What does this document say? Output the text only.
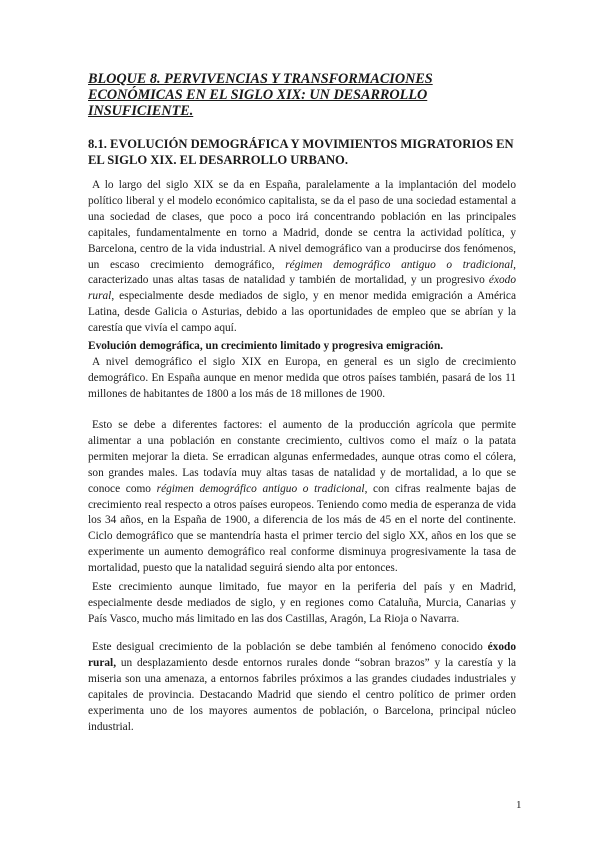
BLOQUE 8. PERVIVENCIAS Y TRANSFORMACIONES ECONÓMICAS EN EL SIGLO XIX: UN DESARROLLO INSUFICIENTE.
8.1. EVOLUCIÓN DEMOGRÁFICA Y MOVIMIENTOS MIGRATORIOS EN EL SIGLO XIX. EL DESARROLLO URBANO.

A lo largo del siglo XIX se da en España, paralelamente a la implantación del modelo político liberal y el modelo económico capitalista, se da el paso de una sociedad estamental a una sociedad de clases, que poco a poco irá concentrando población en las principales capitales, fundamentalmente en torno a Madrid, donde se centra la actividad política, y Barcelona, centro de la vida industrial. A nivel demográfico van a producirse dos fenómenos, un escaso crecimiento demográfico, régimen demográfico antiguo o tradicional, caracterizado unas altas tasas de natalidad y también de mortalidad, y un progresivo éxodo rural, especialmente desde mediados de siglo, y en menor medida emigración a América Latina, desde Galicia o Asturias, debido a las oportunidades de empleo que se abrían y la carestía que vivía el campo aquí.

Evolución demográfica, un crecimiento limitado y progresiva emigración.
A nivel demográfico el siglo XIX en Europa, en general es un siglo de crecimiento demográfico. En España aunque en menor medida que otros países también, pasará de los 11 millones de habitantes de 1800 a los más de 18 millones de 1900.

Esto se debe a diferentes factores: el aumento de la producción agrícola que permite alimentar a una población en constante crecimiento, cultivos como el maíz o la patata permiten mejorar la dieta. Se erradican algunas enfermedades, aunque otras como el cólera, son grandes males. Las todavía muy altas tasas de natalidad y de mortalidad, a lo que se conoce como régimen demográfico antiguo o tradicional, con cifras realmente bajas de crecimiento real respecto a otros países europeos. Teniendo como media de esperanza de vida los 34 años, en la España de 1900, a diferencia de los más de 45 en el norte del continente. Ciclo demográfico que se mantendría hasta el primer tercio del siglo XX, años en los que se experimente un aumento demográfico real conforme disminuya progresivamente la tasa de mortalidad, puesto que la natalidad seguirá siendo alta por entonces.

Este crecimiento aunque limitado, fue mayor en la periferia del país y en Madrid, especialmente desde mediados de siglo, y en regiones como Cataluña, Murcia, Canarias y País Vasco, mucho más limitado en las dos Castillas, Aragón, La Rioja o Navarra.

Este desigual crecimiento de la población se debe también al fenómeno conocido éxodo rural, un desplazamiento desde entornos rurales donde “sobran brazos” y la carestía y la miseria son una amenaza, a entornos fabriles próximos a las grandes ciudades industriales y capitales de provincia. Destacando Madrid que siendo el centro político de primer orden experimenta uno de los mayores aumentos de población, o Barcelona, principal núcleo industrial.

1
